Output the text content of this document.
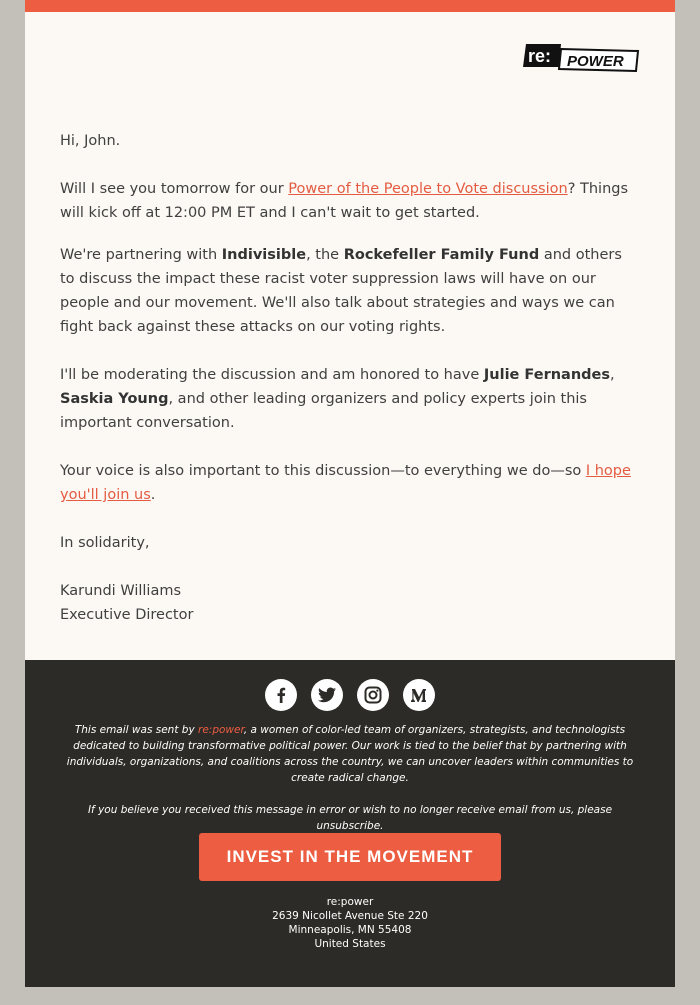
re: POWER

Hi, John.

Will I see you tomorrow for our Power of the People to Vote discussion? Things will kick off at 12:00 PM ET and I can't wait to get started.

We're partnering with Indivisible, the Rockefeller Family Fund and others to discuss the impact these racist voter suppression laws will have on our people and our movement. We'll also talk about strategies and ways we can fight back against these attacks on our voting rights.

I'll be moderating the discussion and am honored to have Julie Fernandes, Saskia Young, and other leading organizers and policy experts join this important conversation.

Your voice is also important to this discussion—to everything we do—so I hope you'll join us.

In solidarity,

Karundi Williams

Executive Director

This email was sent by re:power, a women of color-led team of organizers, strategists, and technologists dedicated to building transformative political power. Our work is tied to the belief that by partnering with individuals, organizations, and coalitions across the country, we can uncover leaders within communities to create radical change.
If you believe you received this message in error or wish to no longer receive email from us, please unsubscribe.
INVEST IN THE MOVEMENT
re:power
2639 Nicollet Avenue Ste 220
Minneapolis, MN 55408
United States
